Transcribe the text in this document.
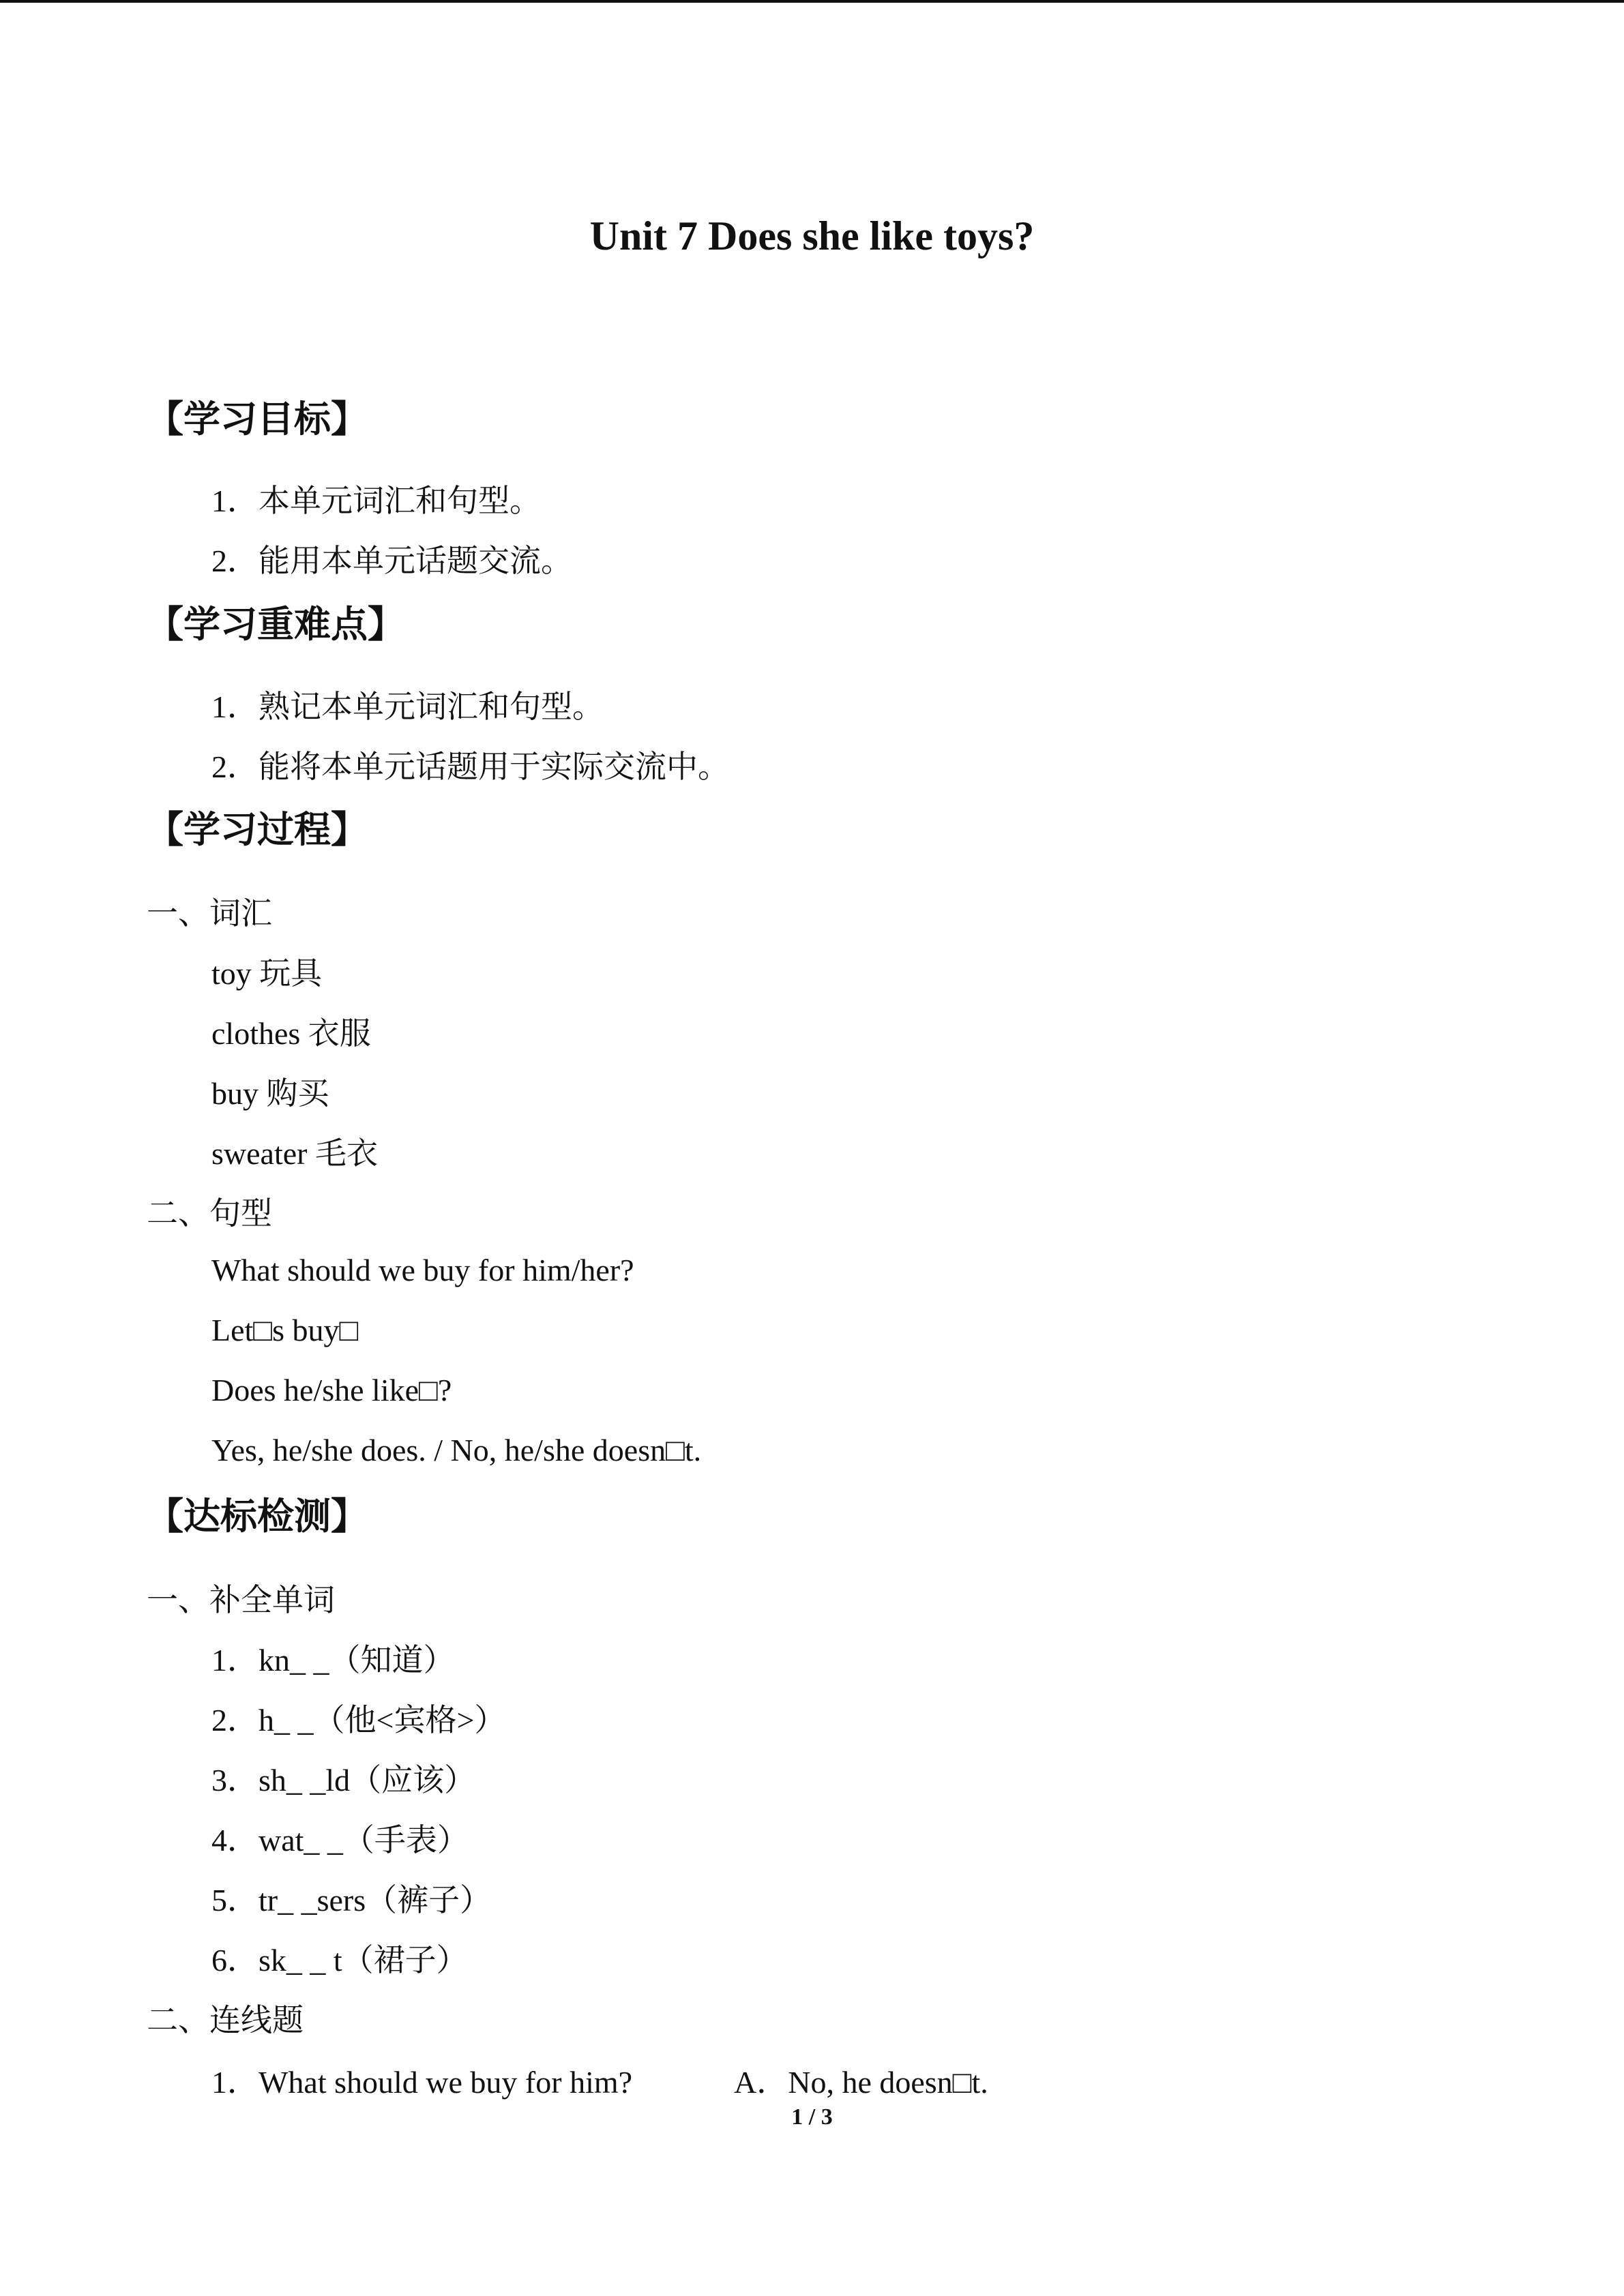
Unit 7 Does she like toys?
【学习目标】
1．本单元词汇和句型。
2．能用本单元话题交流。
【学习重难点】
1．熟记本单元词汇和句型。
2．能将本单元话题用于实际交流中。
【学习过程】
一、词汇
toy 玩具
clothes 衣服
buy 购买
sweater 毛衣
二、句型
What should we buy for him/her?
Let□s buy□
Does he/she like□?
Yes, he/she does. / No, he/she doesn□t.
【达标检测】
一、补全单词
1．kn_ _（知道）
2．h_ _（他<宾格>）
3．sh_ _ld（应该）
4．wat_ _（手表）
5．tr_ _sers（裤子）
6．sk_ _ t（裙子）
二、连线题
1．What should we buy for him?	A．No, he doesn□t.
1 / 3
